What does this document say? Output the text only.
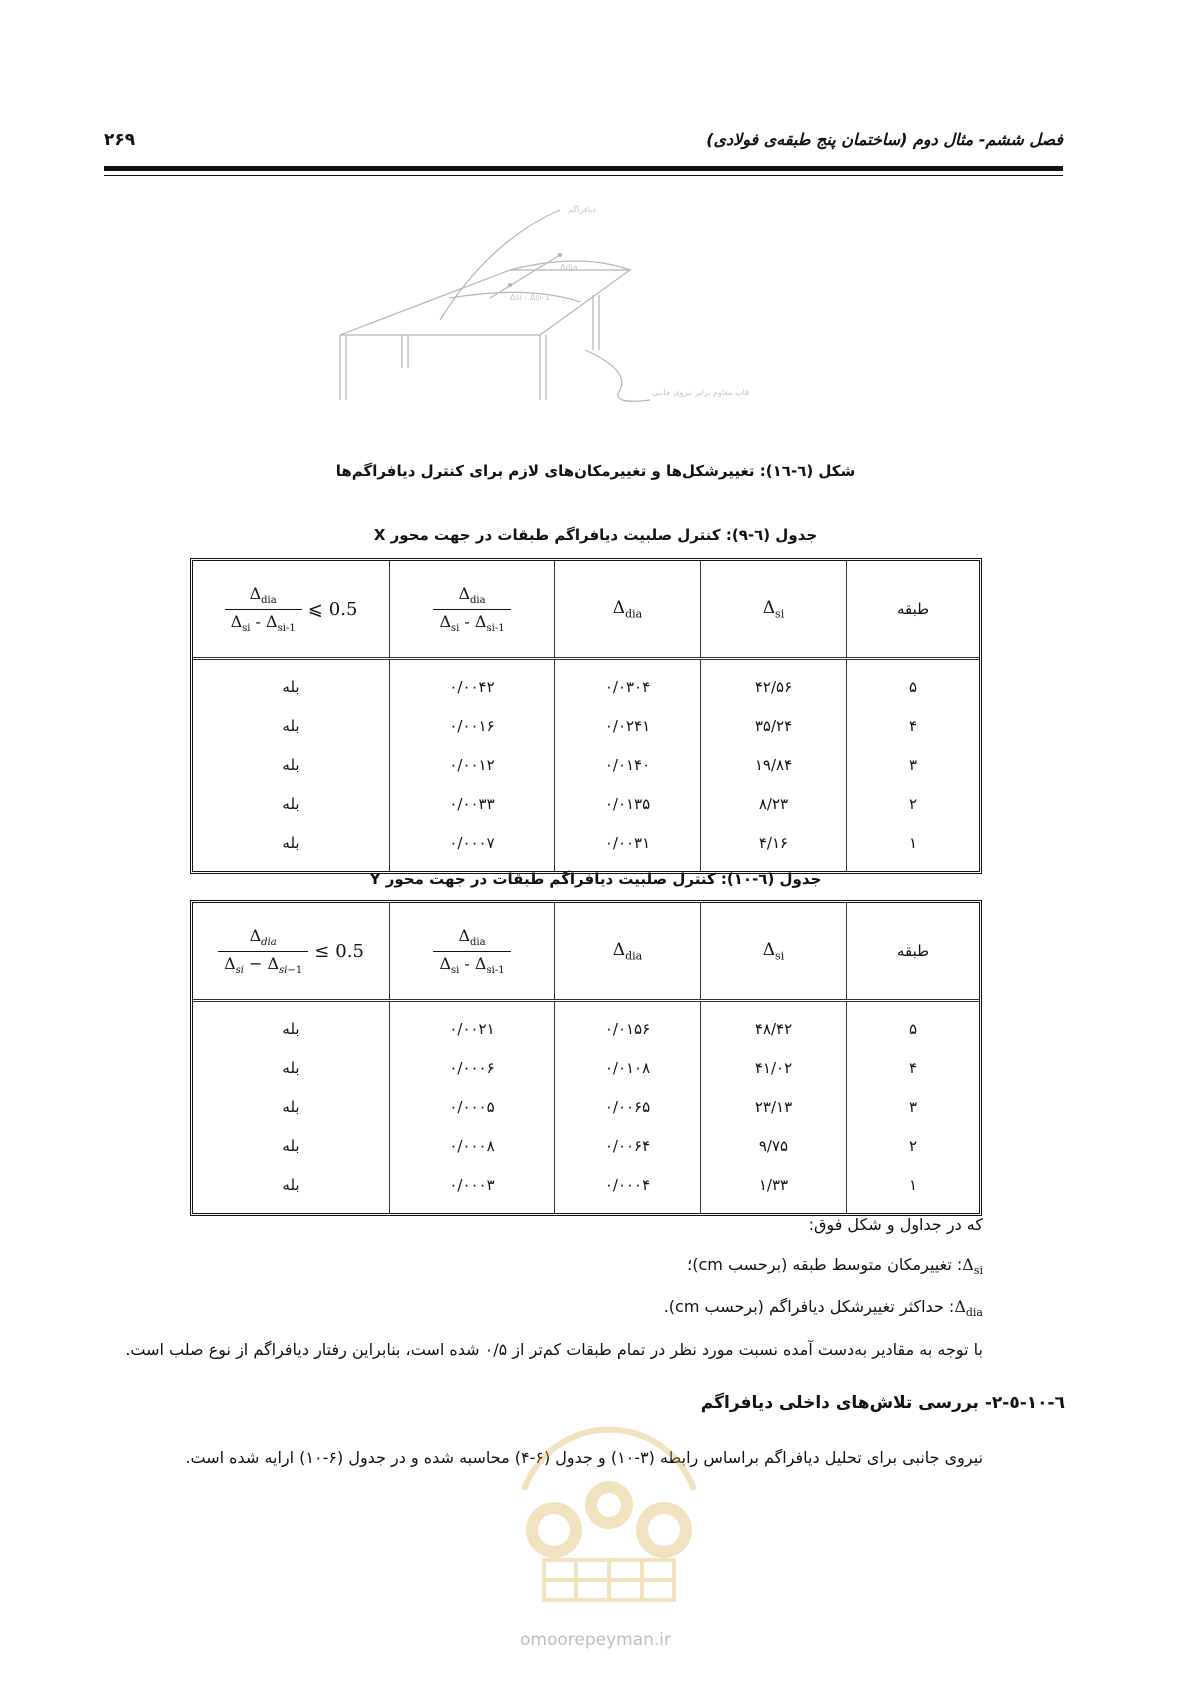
فصل ششم- مثال دوم (ساختمان پنج طبقه‌ی فولادی)
۲۶۹
دیافراگم
Δdia
Δsi - Δsi-1
قاب مقاوم برابر نیروی جانبی
شکل (٦-١٦): تغییرشکل‌ها و تغییرمکان‌های لازم برای کنترل دیافراگم‌ها
جدول (٦-٩): کنترل صلبیت دیافراگم طبقات در جهت محور X
طبقه	$\Delta_{si}$	$\Delta_{dia}$	$\frac{\Delta_{dia}}{\Delta_{si} - \Delta_{si-1}}$	$\frac{\Delta_{dia}}{\Delta_{si} - \Delta_{si-1}}$ ⩽ 0.5

۵	۴۲/۵۶	۰/۰۳۰۴	۰/۰۰۴۲	بله
۴	۳۵/۲۴	۰/۰۲۴۱	۰/۰۰۱۶	بله
۳	۱۹/۸۴	۰/۰۱۴۰	۰/۰۰۱۲	بله
۲	۸/۲۳	۰/۰۱۳۵	۰/۰۰۳۳	بله
۱	۴/۱۶	۰/۰۰۳۱	۰/۰۰۰۷	بله
جدول (٦-١٠): کنترل صلبیت دیافراگم طبقات در جهت محور Y
طبقه	$\Delta_{si}$	$\Delta_{dia}$	$\frac{\Delta_{dia}}{\Delta_{si} - \Delta_{si-1}}$	$\frac{\Delta_{dia}}{\Delta_{si} - \Delta_{si-1}} \le 0.5$

۵	۴۸/۴۲	۰/۰۱۵۶	۰/۰۰۲۱	بله
۴	۴۱/۰۲	۰/۰۱۰۸	۰/۰۰۰۶	بله
۳	۲۳/۱۳	۰/۰۰۶۵	۰/۰۰۰۵	بله
۲	۹/۷۵	۰/۰۰۶۴	۰/۰۰۰۸	بله
۱	۱/۳۳	۰/۰۰۰۴	۰/۰۰۰۳	بله
که در جداول و شکل فوق:
$\Delta_{si}$: تغییرمکان متوسط طبقه (برحسب cm)؛
$\Delta_{dia}$: حداکثر تغییرشکل دیافراگم (برحسب cm).
با توجه به مقادیر به‌دست آمده نسبت مورد نظر در تمام طبقات کم‌تر از ۰/۵ شده است، بنابراین رفتار دیافراگم از نوع صلب است.
٦-١٠-٥-٢- بررسی تلاش‌های داخلی دیافراگم
نیروی جانبی برای تحلیل دیافراگم براساس رابطه (۳-۱۰) و جدول (۶-۴) محاسبه شده و در جدول (۶-۱۰) ارایه شده است.
omoorepeyman.ir
